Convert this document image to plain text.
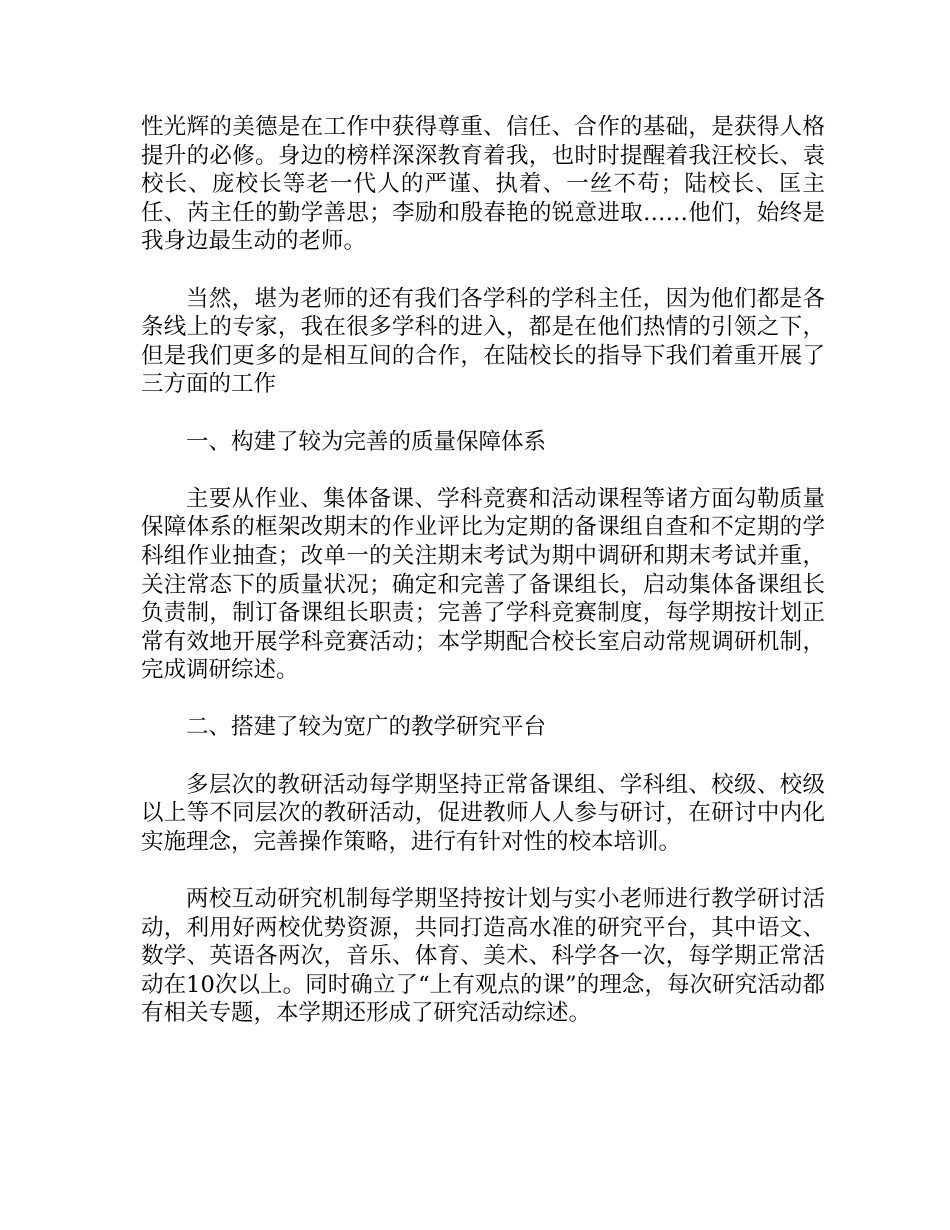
性光辉的美德是在工作中获得尊重、信任、合作的基础，是获得人格提升的必修。身边的榜样深深教育着我，也时时提醒着我汪校长、袁校长、庞校长等老一代人的严谨、执着、一丝不苟；陆校长、匡主任、芮主任的勤学善思；李励和殷春艳的锐意进取……他们，始终是我身边最生动的老师。

当然，堪为老师的还有我们各学科的学科主任，因为他们都是各条线上的专家，我在很多学科的进入，都是在他们热情的引领之下，但是我们更多的是相互间的合作，在陆校长的指导下我们着重开展了三方面的工作

一、构建了较为完善的质量保障体系

主要从作业、集体备课、学科竞赛和活动课程等诸方面勾勒质量保障体系的框架改期末的作业评比为定期的备课组自查和不定期的学科组作业抽查；改单一的关注期末考试为期中调研和期末考试并重，关注常态下的质量状况；确定和完善了备课组长，启动集体备课组长负责制，制订备课组长职责；完善了学科竞赛制度，每学期按计划正常有效地开展学科竞赛活动；本学期配合校长室启动常规调研机制，完成调研综述。

二、搭建了较为宽广的教学研究平台

多层次的教研活动每学期坚持正常备课组、学科组、校级、校级以上等不同层次的教研活动，促进教师人人参与研讨，在研讨中内化实施理念，完善操作策略，进行有针对性的校本培训。

两校互动研究机制每学期坚持按计划与实小老师进行教学研讨活动，利用好两校优势资源，共同打造高水准的研究平台，其中语文、数学、英语各两次，音乐、体育、美术、科学各一次，每学期正常活动在10次以上。同时确立了“上有观点的课”的理念，每次研究活动都有相关专题，本学期还形成了研究活动综述。
